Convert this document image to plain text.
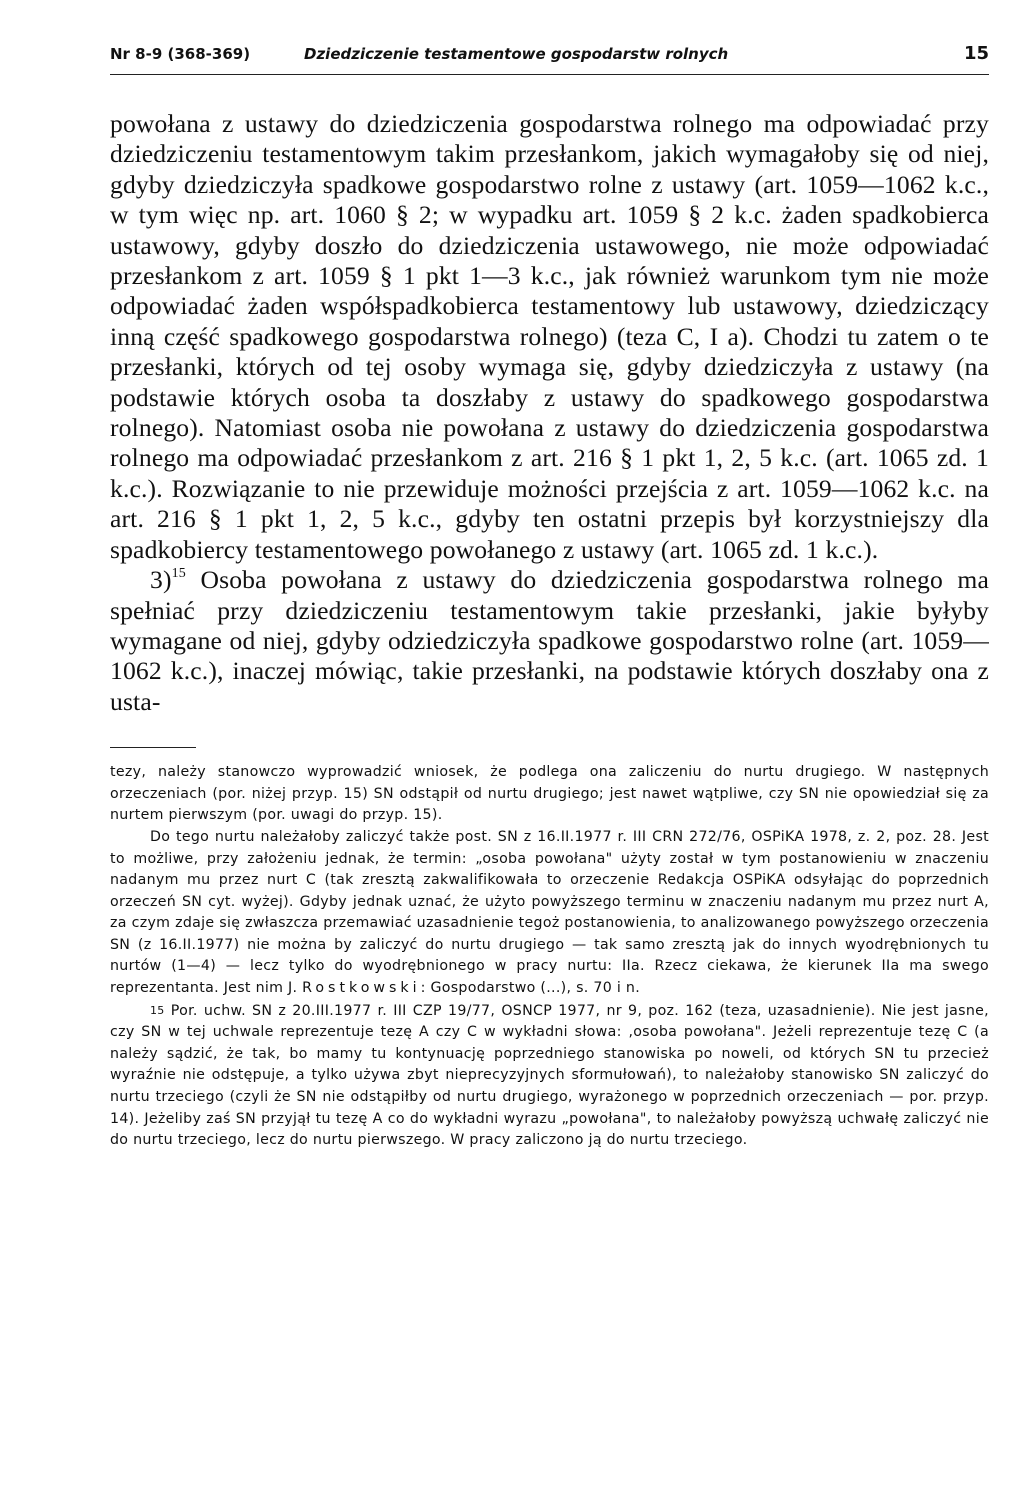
Nr 8-9 (368-369)	Dziedziczenie testamentowe gospodarstw rolnych	15

powołana z ustawy do dziedziczenia gospodarstwa rolnego ma odpowiadać przy dziedziczeniu testamentowym takim przesłankom, jakich wymagałoby się od niej, gdyby dziedziczyła spadkowe gospodarstwo rolne z ustawy (art. 1059—1062 k.c., w tym więc np. art. 1060 § 2; w wypadku art. 1059 § 2 k.c. żaden spadkobierca ustawowy, gdyby doszło do dziedziczenia ustawowego, nie może odpowiadać przesłankom z art. 1059 § 1 pkt 1—3 k.c., jak również warunkom tym nie może odpowiadać żaden współspadkobierca testamentowy lub ustawowy, dziedziczący inną część spadkowego gospodarstwa rolnego) (teza C, I a). Chodzi tu zatem o te przesłanki, których od tej osoby wymaga się, gdyby dziedziczyła z ustawy (na podstawie których osoba ta doszłaby z ustawy do spadkowego gospodarstwa rolnego). Natomiast osoba nie powołana z ustawy do dziedziczenia gospodarstwa rolnego ma odpowiadać przesłankom z art. 216 § 1 pkt 1, 2, 5 k.c. (art. 1065 zd. 1 k.c.). Rozwiązanie to nie przewiduje możności przejścia z art. 1059—1062 k.c. na art. 216 § 1 pkt 1, 2, 5 k.c., gdyby ten ostatni przepis był korzystniejszy dla spadkobiercy testamentowego powołanego z ustawy (art. 1065 zd. 1 k.c.).

3)$^{15}$ Osoba powołana z ustawy do dziedziczenia gospodarstwa rolnego ma spełniać przy dziedziczeniu testamentowym takie przesłanki, jakie byłyby wymagane od niej, gdyby odziedziczyła spadkowe gospodarstwo rolne (art. 1059—1062 k.c.), inaczej mówiąc, takie przesłanki, na podstawie których doszłaby ona z usta-

tezy, należy stanowczo wyprowadzić wniosek, że podlega ona zaliczeniu do nurtu drugiego. W następnych orzeczeniach (por. niżej przyp. 15) SN odstąpił od nurtu drugiego; jest nawet wątpliwe, czy SN nie opowiedział się za nurtem pierwszym (por. uwagi do przyp. 15).

Do tego nurtu należałoby zaliczyć także post. SN z 16.II.1977 r. III CRN 272/76, OSPiKA 1978, z. 2, poz. 28. Jest to możliwe, przy założeniu jednak, że termin: „osoba powołana" użyty został w tym postanowieniu w znaczeniu nadanym mu przez nurt C (tak zresztą zakwalifikowała to orzeczenie Redakcja OSPiKA odsyłając do poprzednich orzeczeń SN cyt. wyżej). Gdyby jednak uznać, że użyto powyższego terminu w znaczeniu nadanym mu przez nurt A, za czym zdaje się zwłaszcza przemawiać uzasadnienie tegoż postanowienia, to analizowanego powyższego orzeczenia SN (z 16.II.1977) nie można by zaliczyć do nurtu drugiego — tak samo zresztą jak do innych wyodrębnionych tu nurtów (1—4) — lecz tylko do wyodrębnionego w pracy nurtu: IIa. Rzecz ciekawa, że kierunek IIa ma swego reprezentanta. Jest nim J. Rostkowski: Gospodarstwo (...), s. 70 i n.

15 Por. uchw. SN z 20.III.1977 r. III CZP 19/77, OSNCP 1977, nr 9, poz. 162 (teza, uzasadnienie). Nie jest jasne, czy SN w tej uchwale reprezentuje tezę A czy C w wykładni słowa: ‚osoba powołana". Jeżeli reprezentuje tezę C (a należy sądzić, że tak, bo mamy tu kontynuację poprzedniego stanowiska po noweli, od których SN tu przecież wyraźnie nie odstępuje, a tylko używa zbyt nieprecyzyjnych sformułowań), to należałoby stanowisko SN zaliczyć do nurtu trzeciego (czyli że SN nie odstąpiłby od nurtu drugiego, wyrażonego w poprzednich orzeczeniach — por. przyp. 14). Jeżeliby zaś SN przyjął tu tezę A co do wykładni wyrazu „powołana", to należałoby powyższą uchwałę zaliczyć nie do nurtu trzeciego, lecz do nurtu pierwszego. W pracy zaliczono ją do nurtu trzeciego.
